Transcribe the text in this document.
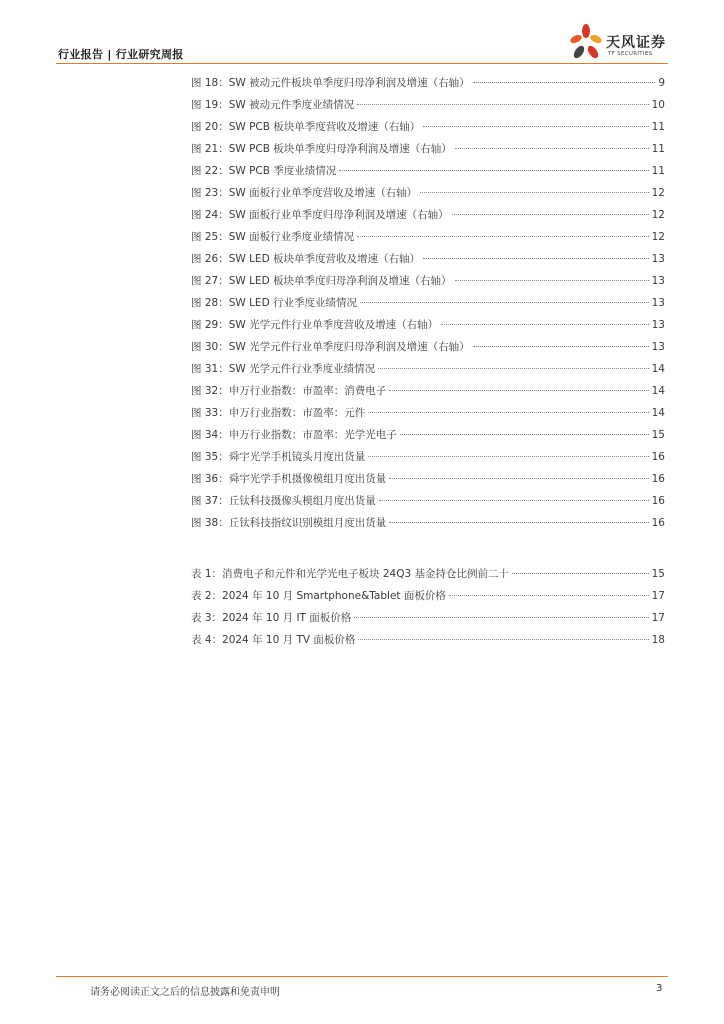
行业报告 | 行业研究周报
天风证券
TF SECURITIES
图 18：SW 被动元件板块单季度归母净利润及增速（右轴）	9
图 19：SW 被动元件季度业绩情况	10
图 20：SW PCB 板块单季度营收及增速（右轴）	11
图 21：SW PCB 板块单季度归母净利润及增速（右轴）	11
图 22：SW PCB 季度业绩情况	11
图 23：SW 面板行业单季度营收及增速（右轴）	12
图 24：SW 面板行业单季度归母净利润及增速（右轴）	12
图 25：SW 面板行业季度业绩情况	12
图 26：SW LED 板块单季度营收及增速（右轴）	13
图 27：SW LED 板块单季度归母净利润及增速（右轴）	13
图 28：SW LED 行业季度业绩情况	13
图 29：SW 光学元件行业单季度营收及增速（右轴）	13
图 30：SW 光学元件行业单季度归母净利润及增速（右轴）	13
图 31：SW 光学元件行业季度业绩情况	14
图 32：申万行业指数：市盈率：消费电子	14
图 33：申万行业指数：市盈率：元件	14
图 34：申万行业指数：市盈率：光学光电子	15
图 35：舜宇光学手机镜头月度出货量	16
图 36：舜宇光学手机摄像模组月度出货量	16
图 37：丘钛科技摄像头模组月度出货量	16
图 38：丘钛科技指纹识别模组月度出货量	16
表 1：消费电子和元件和光学光电子板块 24Q3 基金持仓比例前二十	15
表 2：2024 年 10 月 Smartphone&Tablet 面板价格	17
表 3：2024 年 10 月 IT 面板价格	17
表 4：2024 年 10 月 TV 面板价格	18
请务必阅读正文之后的信息披露和免责申明	3
